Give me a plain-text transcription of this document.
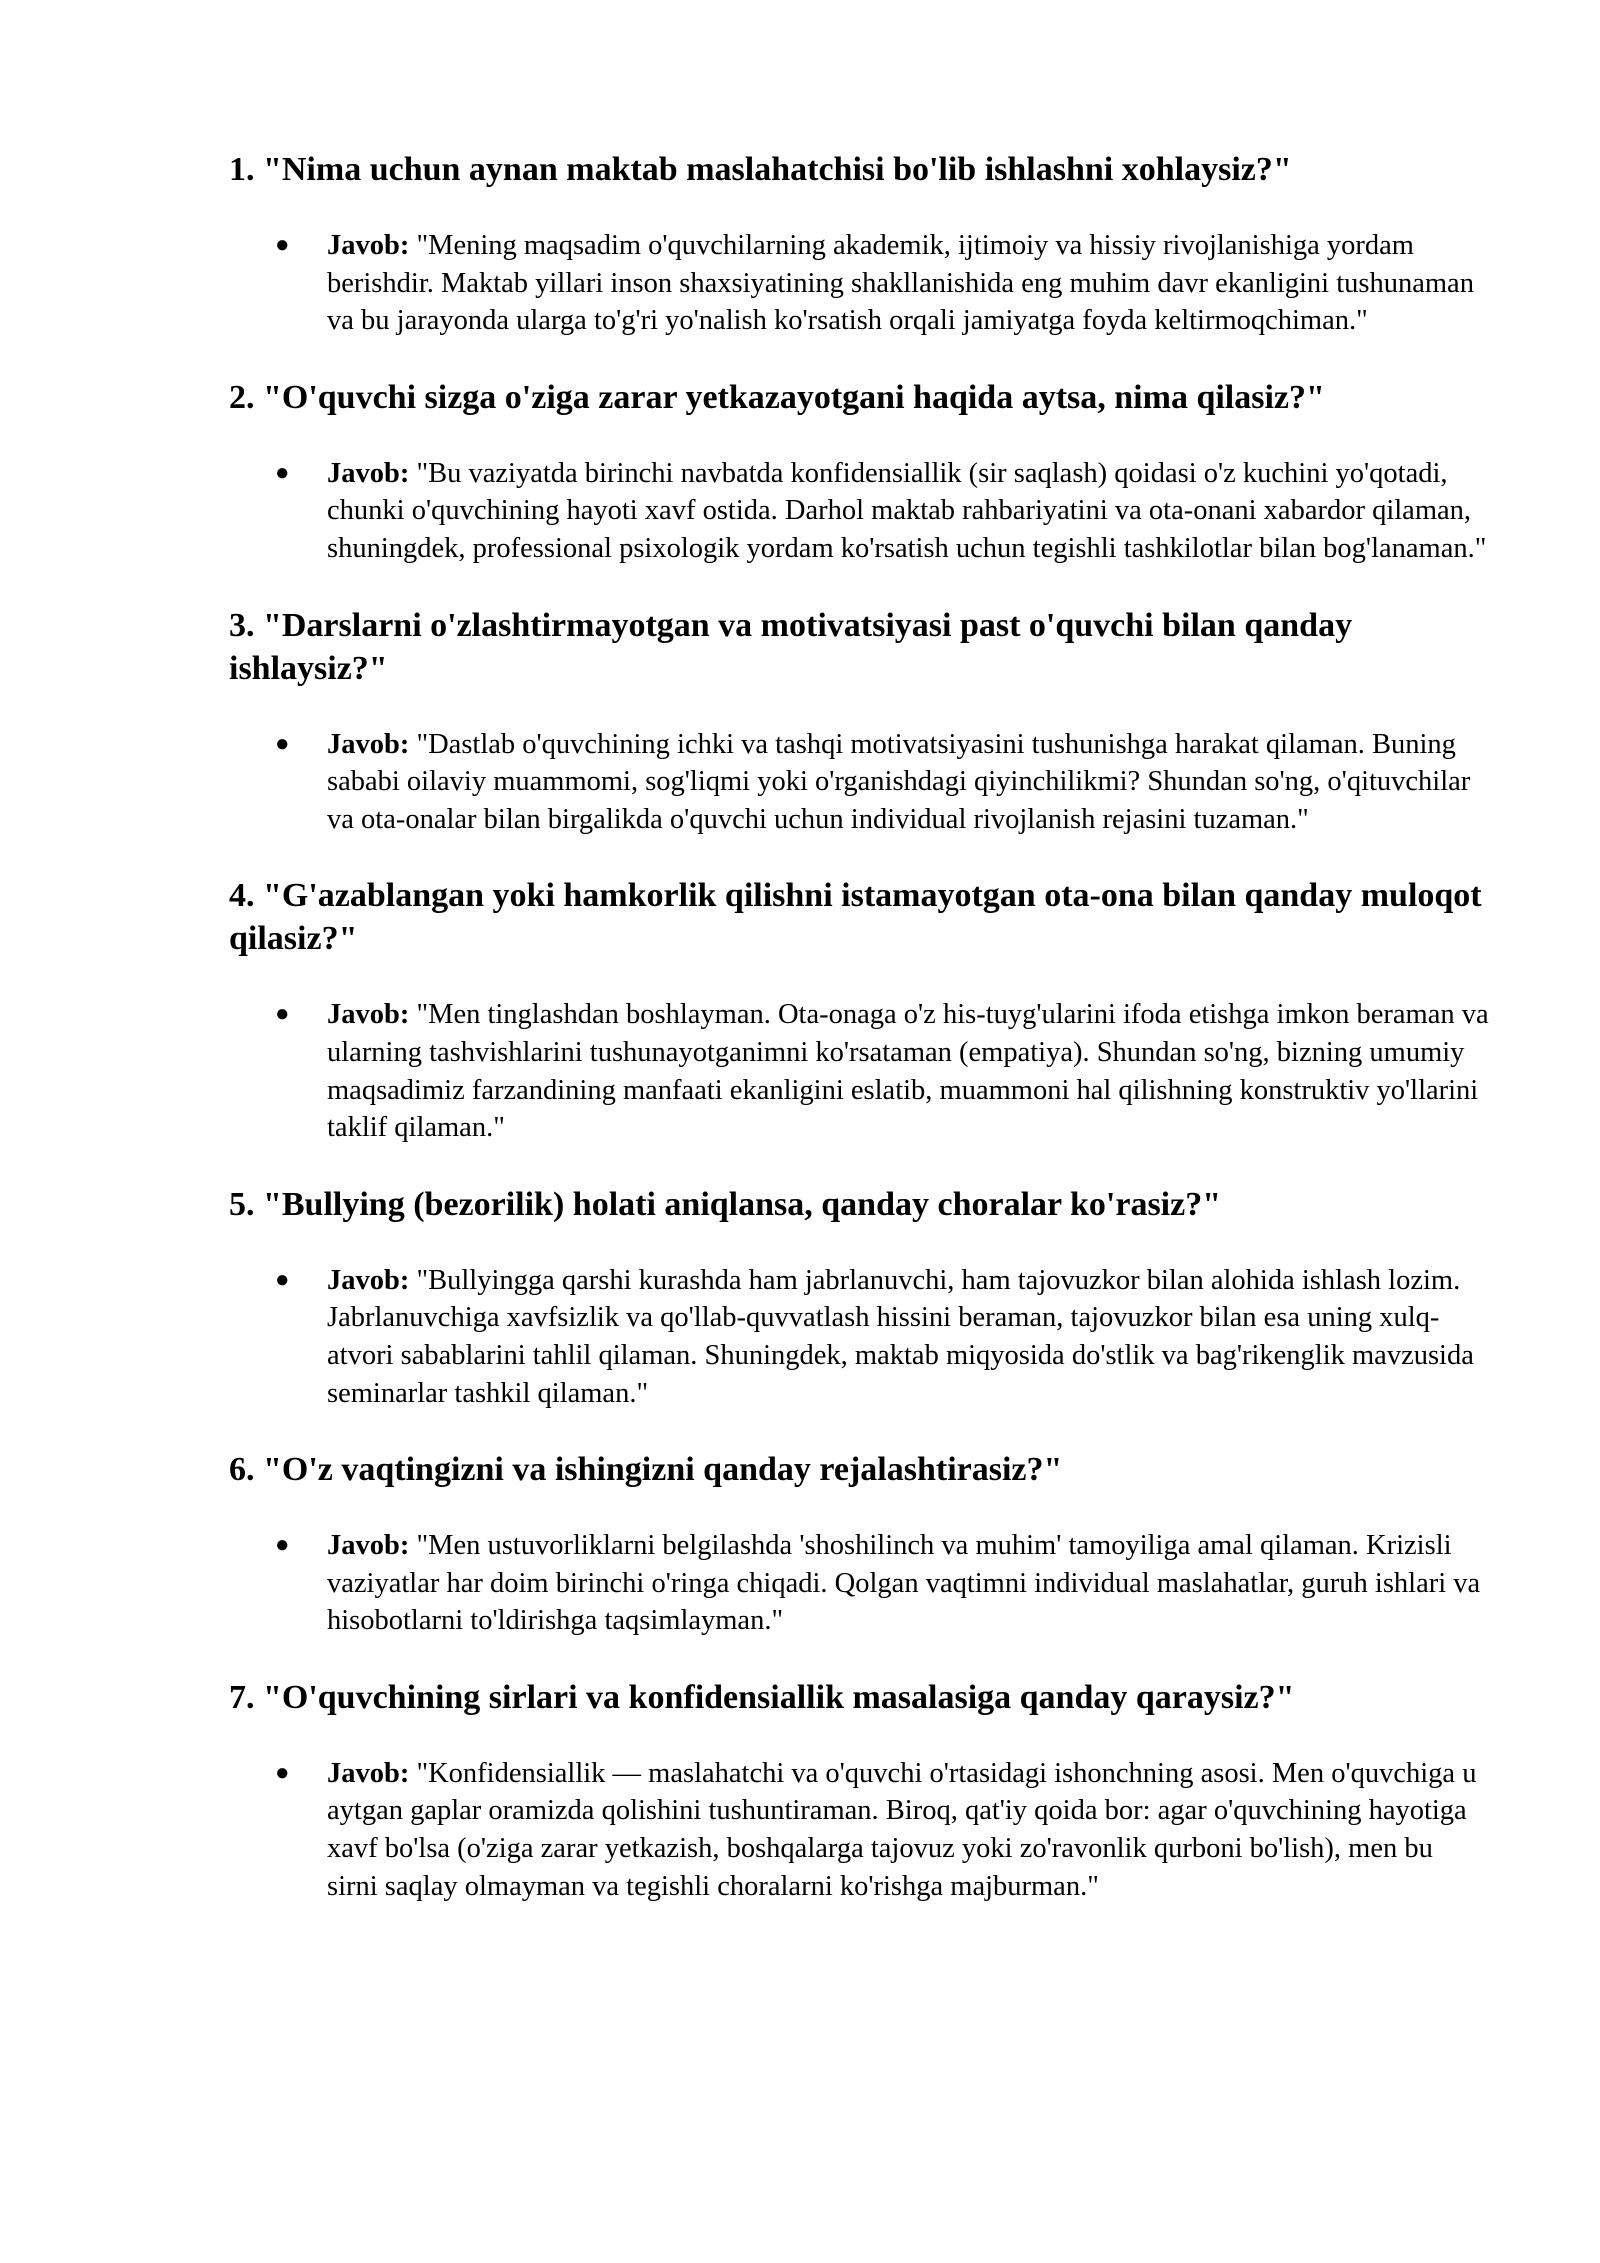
1. "Nima uchun aynan maktab maslahatchisi bo'lib ishlashni xohlaysiz?"
● Javob: "Mening maqsadim o'quvchilarning akademik, ijtimoiy va hissiy rivojlanishiga yordam berishdir. Maktab yillari inson shaxsiyatining shakllanishida eng muhim davr ekanligini tushunaman va bu jarayonda ularga to'g'ri yo'nalish ko'rsatish orqali jamiyatga foyda keltirmoqchiman."
2. "O'quvchi sizga o'ziga zarar yetkazayotgani haqida aytsa, nima qilasiz?"
● Javob: "Bu vaziyatda birinchi navbatda konfidensiallik (sir saqlash) qoidasi o'z kuchini yo'qotadi, chunki o'quvchining hayoti xavf ostida. Darhol maktab rahbariyatini va ota-onani xabardor qilaman, shuningdek, professional psixologik yordam ko'rsatish uchun tegishli tashkilotlar bilan bog'lanaman."
3. "Darslarni o'zlashtirmayotgan va motivatsiyasi past o'quvchi bilan qanday ishlaysiz?"
● Javob: "Dastlab o'quvchining ichki va tashqi motivatsiyasini tushunishga harakat qilaman. Buning sababi oilaviy muammomi, sog'liqmi yoki o'rganishdagi qiyinchilikmi? Shundan so'ng, o'qituvchilar va ota-onalar bilan birgalikda o'quvchi uchun individual rivojlanish rejasini tuzaman."
4. "G'azablangan yoki hamkorlik qilishni istamayotgan ota-ona bilan qanday muloqot qilasiz?"
● Javob: "Men tinglashdan boshlayman. Ota-onaga o'z his-tuyg'ularini ifoda etishga imkon beraman va ularning tashvishlarini tushunayotganimni ko'rsataman (empatiya). Shundan so'ng, bizning umumiy maqsadimiz farzandining manfaati ekanligini eslatib, muammoni hal qilishning konstruktiv yo'llarini taklif qilaman."
5. "Bullying (bezorilik) holati aniqlansa, qanday choralar ko'rasiz?"
● Javob: "Bullyingga qarshi kurashda ham jabrlanuvchi, ham tajovuzkor bilan alohida ishlash lozim. Jabrlanuvchiga xavfsizlik va qo'llab-quvvatlash hissini beraman, tajovuzkor bilan esa uning xulq-atvori sabablarini tahlil qilaman. Shuningdek, maktab miqyosida do'stlik va bag'rikenglik mavzusida seminarlar tashkil qilaman."
6. "O'z vaqtingizni va ishingizni qanday rejalashtirasiz?"
● Javob: "Men ustuvorliklarni belgilashda 'shoshilinch va muhim' tamoyiliga amal qilaman. Krizisli vaziyatlar har doim birinchi o'ringa chiqadi. Qolgan vaqtimni individual maslahatlar, guruh ishlari va hisobotlarni to'ldirishga taqsimlayman."
7. "O'quvchining sirlari va konfidensiallik masalasiga qanday qaraysiz?"
● Javob: "Konfidensiallik — maslahatchi va o'quvchi o'rtasidagi ishonchning asosi. Men o'quvchiga u aytgan gaplar oramizda qolishini tushuntiraman. Biroq, qat'iy qoida bor: agar o'quvchining hayotiga xavf bo'lsa (o'ziga zarar yetkazish, boshqalarga tajovuz yoki zo'ravonlik qurboni bo'lish), men bu sirni saqlay olmayman va tegishli choralarni ko'rishga majburman."
